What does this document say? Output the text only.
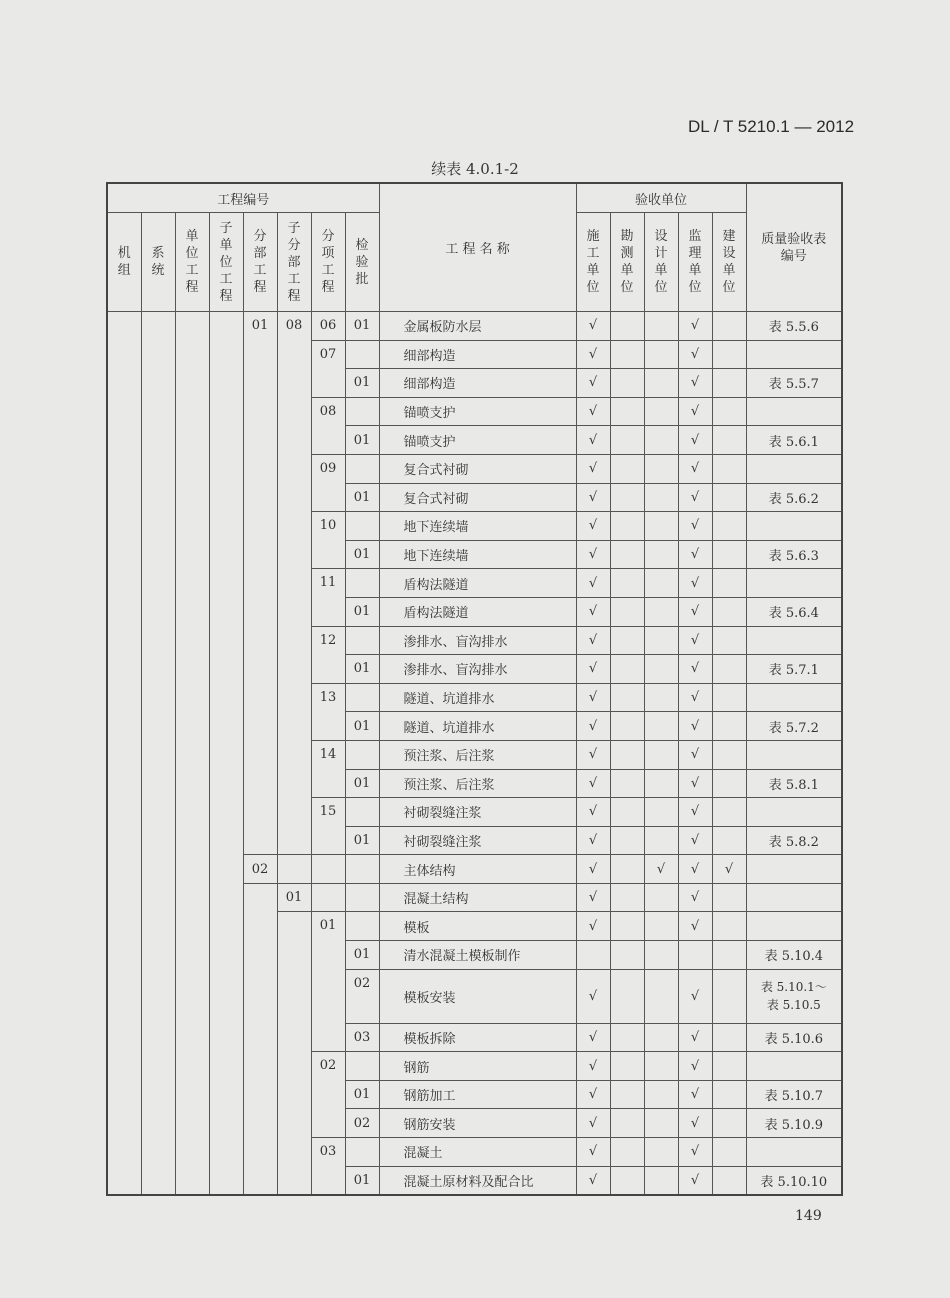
DL / T 5210.1 — 2012
续表 4.0.1-2
工程编号								工 程 名 称	验收单位					质量验收表编号
机组	系统	单位工程	子单位工程	分部工程	子分部工程	分项工程	检验批		施工单位	勘测单位	设计单位	监理单位	建设单位	
				01	08	06	01	金属板防水层	√			√		表 5.5.6
						07		细部构造	√			√		
							01	细部构造	√			√		表 5.5.7
						08		锚喷支护	√			√		
							01	锚喷支护	√			√		表 5.6.1
						09		复合式衬砌	√			√		
							01	复合式衬砌	√			√		表 5.6.2
						10		地下连续墙	√			√		
							01	地下连续墙	√			√		表 5.6.3
						11		盾构法隧道	√			√		
							01	盾构法隧道	√			√		表 5.6.4
						12		渗排水、盲沟排水	√			√		
							01	渗排水、盲沟排水	√			√		表 5.7.1
						13		隧道、坑道排水	√			√		
							01	隧道、坑道排水	√			√		表 5.7.2
						14		预注浆、后注浆	√			√		
							01	预注浆、后注浆	√			√		表 5.8.1
						15		衬砌裂缝注浆	√			√		
							01	衬砌裂缝注浆	√			√		表 5.8.2
				02				主体结构	√		√	√	√	
					01			混凝土结构	√			√		
						01		模板	√			√		
							01	清水混凝土模板制作						表 5.10.4
							02	模板安装	√			√		表 5.10.1～
表 5.10.5

							03	模板拆除	√			√		表 5.10.6
						02		钢筋	√			√		
							01	钢筋加工	√			√		表 5.10.7
							02	钢筋安装	√			√		表 5.10.9
						03		混凝土	√			√		
							01	混凝土原材料及配合比	√			√		表 5.10.10
149
